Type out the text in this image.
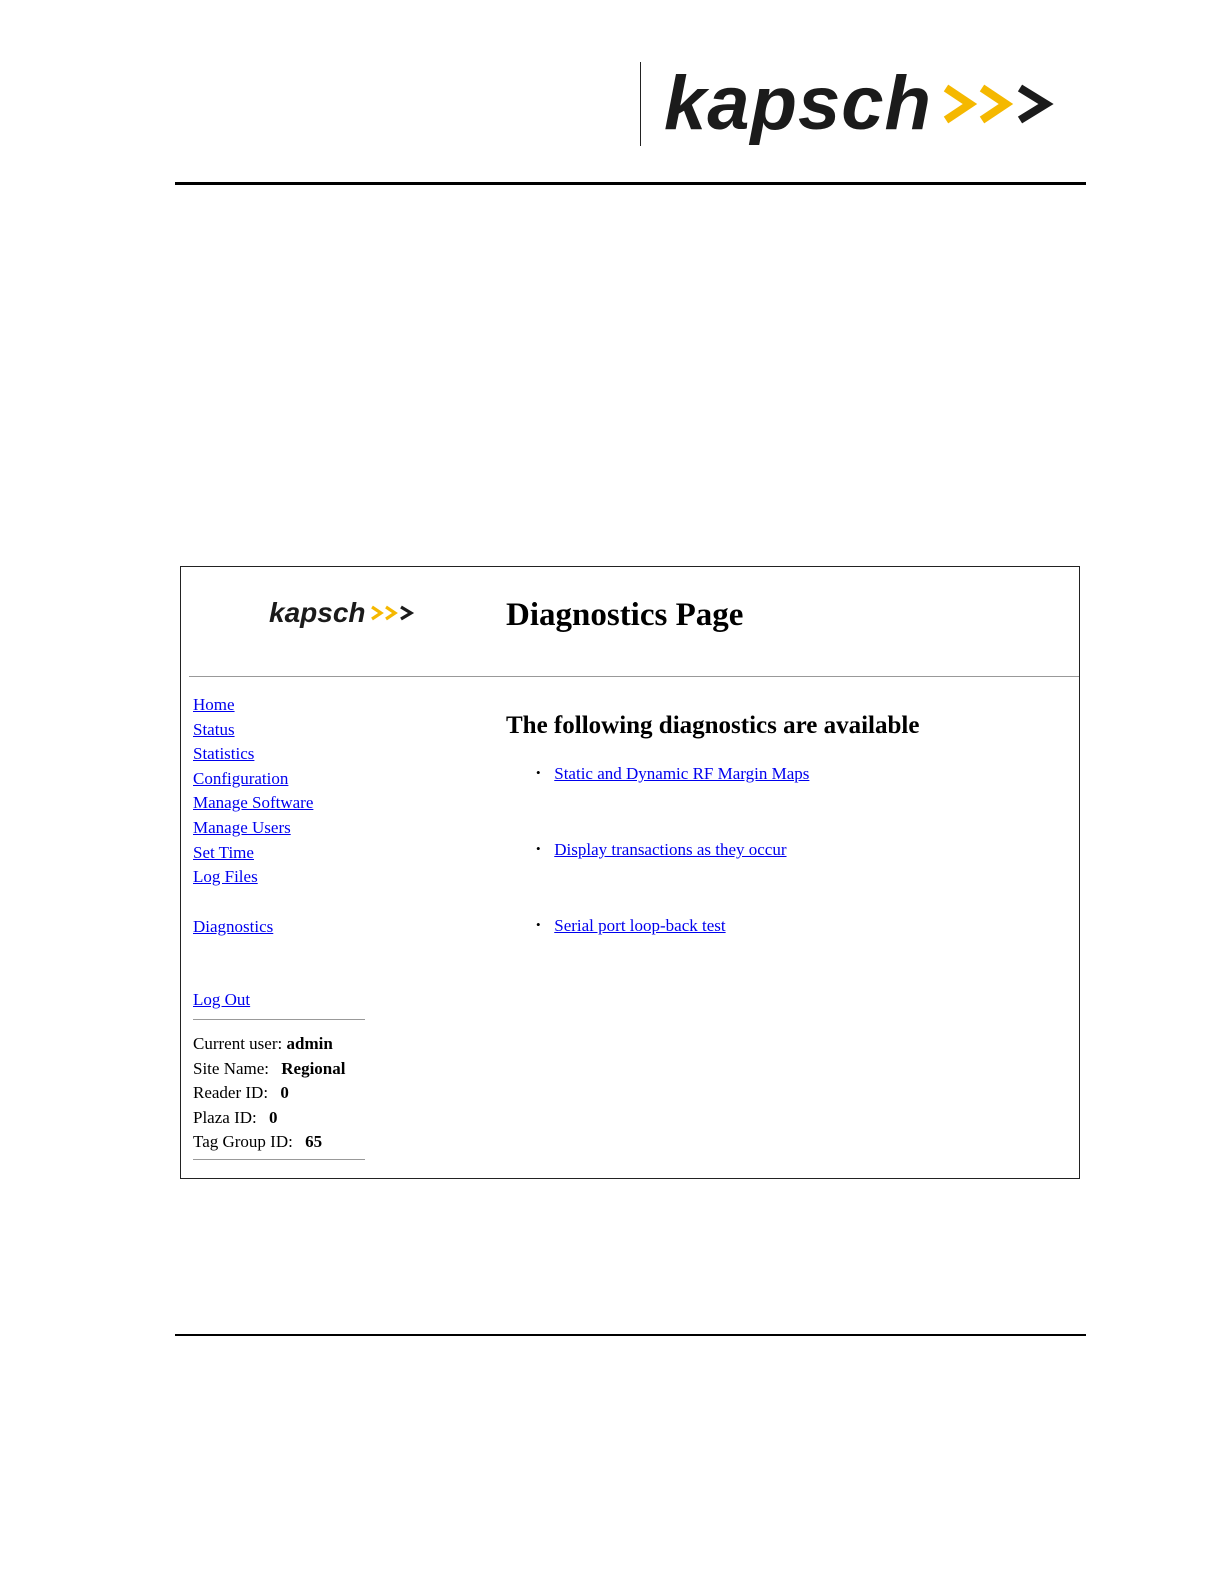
kapsch
kapsch	Diagnostics Page
Home
Status
Statistics
Configuration
Manage Software
Manage Users
Set Time
Log Files
Diagnostics
Log Out
Current user: admin
Site Name: Regional
Reader ID: 0
Plaza ID: 0
Tag Group ID: 65
The following diagnostics are available
• Static and Dynamic RF Margin Maps
• Display transactions as they occur
• Serial port loop-back test
